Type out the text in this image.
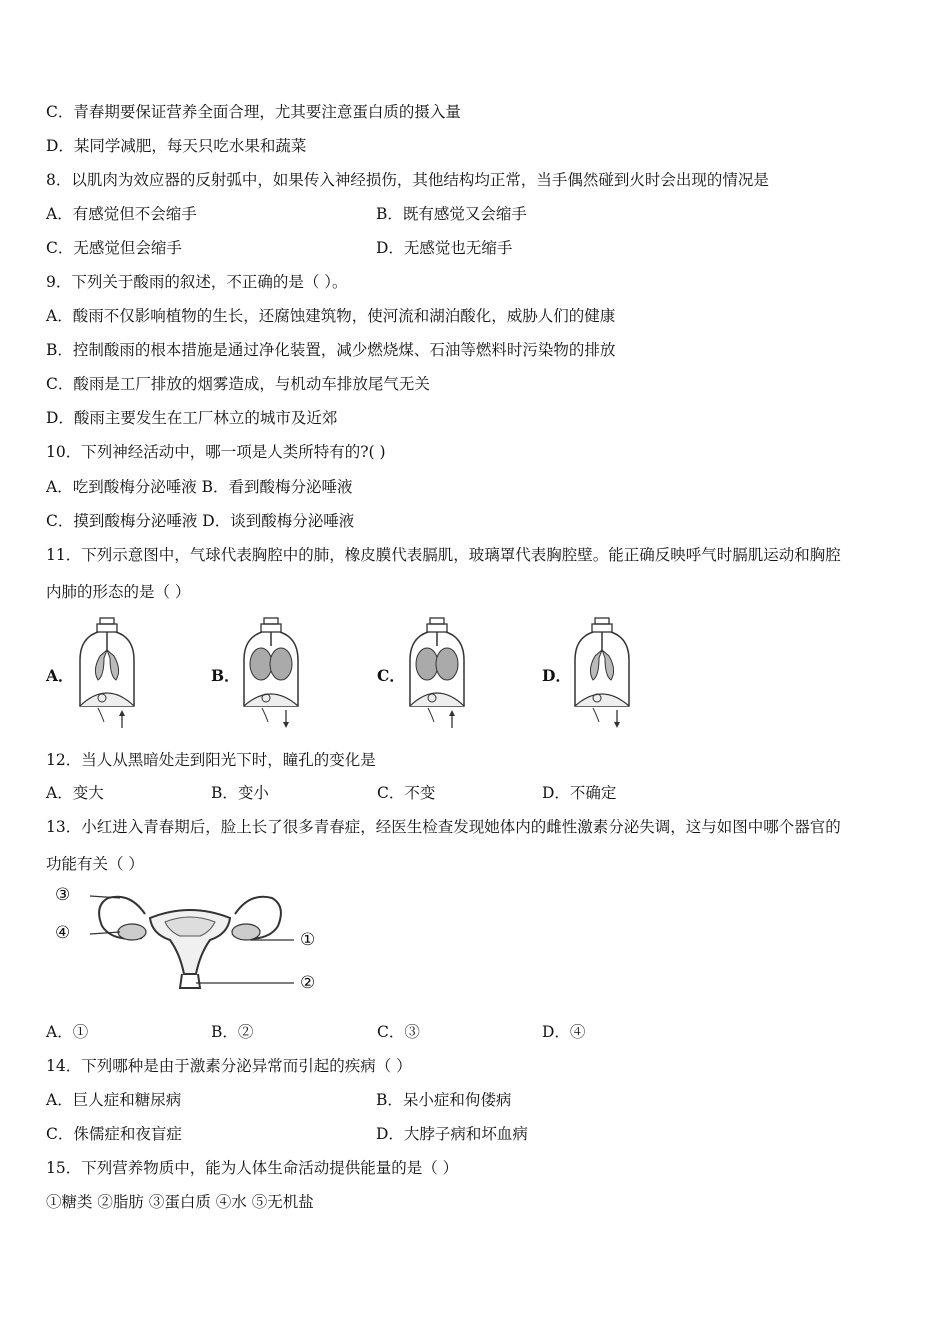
C．青春期要保证营养全面合理，尤其要注意蛋白质的摄入量
D．某同学减肥，每天只吃水果和蔬菜
8．以肌肉为效应器的反射弧中，如果传入神经损伤，其他结构均正常，当手偶然碰到火时会出现的情况是
A．有感觉但不会缩手	B．既有感觉又会缩手
C．无感觉但会缩手	D．无感觉也无缩手
9．下列关于酸雨的叙述，不正确的是（ ）。
A．酸雨不仅影响植物的生长，还腐蚀建筑物，使河流和湖泊酸化，威胁人们的健康
B．控制酸雨的根本措施是通过净化装置，减少燃烧煤、石油等燃料时污染物的排放
C．酸雨是工厂排放的烟雾造成，与机动车排放尾气无关
D．酸雨主要发生在工厂林立的城市及近郊
10．下列神经活动中，哪一项是人类所特有的?( )
A．吃到酸梅分泌唾液 B．看到酸梅分泌唾液
C．摸到酸梅分泌唾液 D．谈到酸梅分泌唾液
11．下列示意图中，气球代表胸腔中的肺，橡皮膜代表膈肌，玻璃罩代表胸腔壁。能正确反映呼气时膈肌运动和胸腔
内肺的形态的是（ ）
A．	B．	C．	D．
12．当人从黑暗处走到阳光下时，瞳孔的变化是
A．变大	B．变小	C．不变	D．不确定
13．小红进入青春期后，脸上长了很多青春症，经医生检查发现她体内的雌性激素分泌失调，这与如图中哪个器官的
功能有关（ ）
③
④	①
②
A．①	B．②	C．③	D．④
14．下列哪种是由于激素分泌异常而引起的疾病（ ）
A．巨人症和糖尿病	B．呆小症和佝偻病
C．侏儒症和夜盲症	D．大脖子病和坏血病
15．下列营养物质中，能为人体生命活动提供能量的是（ ）
①糖类 ②脂肪 ③蛋白质 ④水 ⑤无机盐
